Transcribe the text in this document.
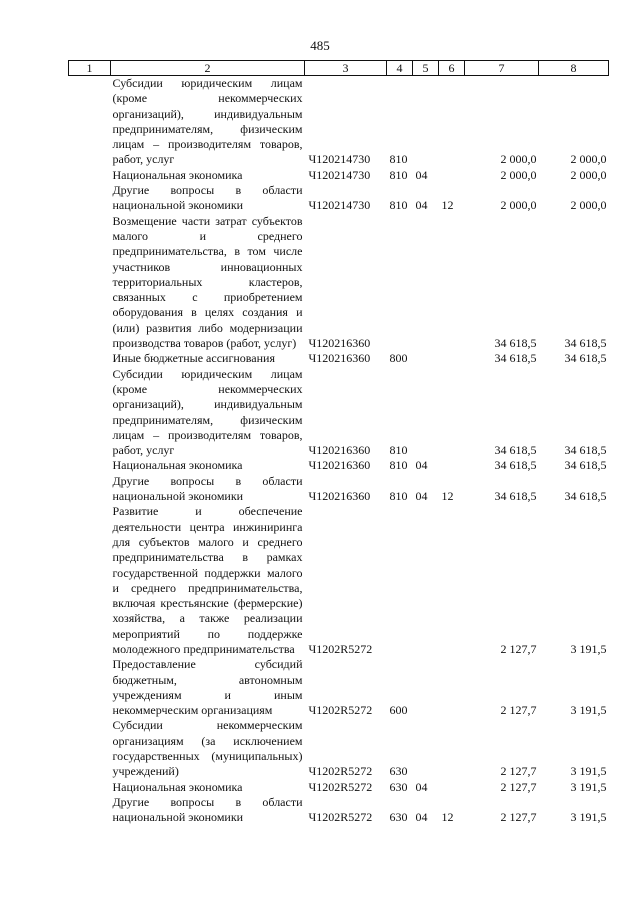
485
1	2	3	4	5	6	7	8
	Субсидии юридическим лицам (кроме некоммерческих организаций), индивидуальным предпринимателям, физическим лицам – производителям товаров, работ, услуг	Ч120214730	810			2 000,0	2 000,0
	Национальная экономика	Ч120214730	810	04		2 000,0	2 000,0
	Другие вопросы в области национальной экономики	Ч120214730	810	04	12	2 000,0	2 000,0
	Возмещение части затрат субъектов малого и среднего предпринимательства, в том числе участников инновационных территориальных кластеров, связанных с приобретением оборудования в целях создания и (или) развития либо модернизации производства товаров (работ, услуг)	Ч120216360				34 618,5	34 618,5
	Иные бюджетные ассигнования	Ч120216360	800			34 618,5	34 618,5
	Субсидии юридическим лицам (кроме некоммерческих организаций), индивидуальным предпринимателям, физическим лицам – производителям товаров, работ, услуг	Ч120216360	810			34 618,5	34 618,5
	Национальная экономика	Ч120216360	810	04		34 618,5	34 618,5
	Другие вопросы в области национальной экономики	Ч120216360	810	04	12	34 618,5	34 618,5
	Развитие и обеспечение деятельности центра инжиниринга для субъектов малого и среднего предпринимательства в рамках государственной поддержки малого и среднего предпринимательства, включая крестьянские (фермерские) хозяйства, а также реализации мероприятий по поддержке молодежного предпринимательства	Ч1202R5272				2 127,7	3 191,5
	Предоставление субсидий бюджетным, автономным учреждениям и иным некоммерческим организациям	Ч1202R5272	600			2 127,7	3 191,5
	Субсидии некоммерческим организациям (за исключением государственных (муниципальных) учреждений)	Ч1202R5272	630			2 127,7	3 191,5
	Национальная экономика	Ч1202R5272	630	04		2 127,7	3 191,5
	Другие вопросы в области национальной экономики	Ч1202R5272	630	04	12	2 127,7	3 191,5
